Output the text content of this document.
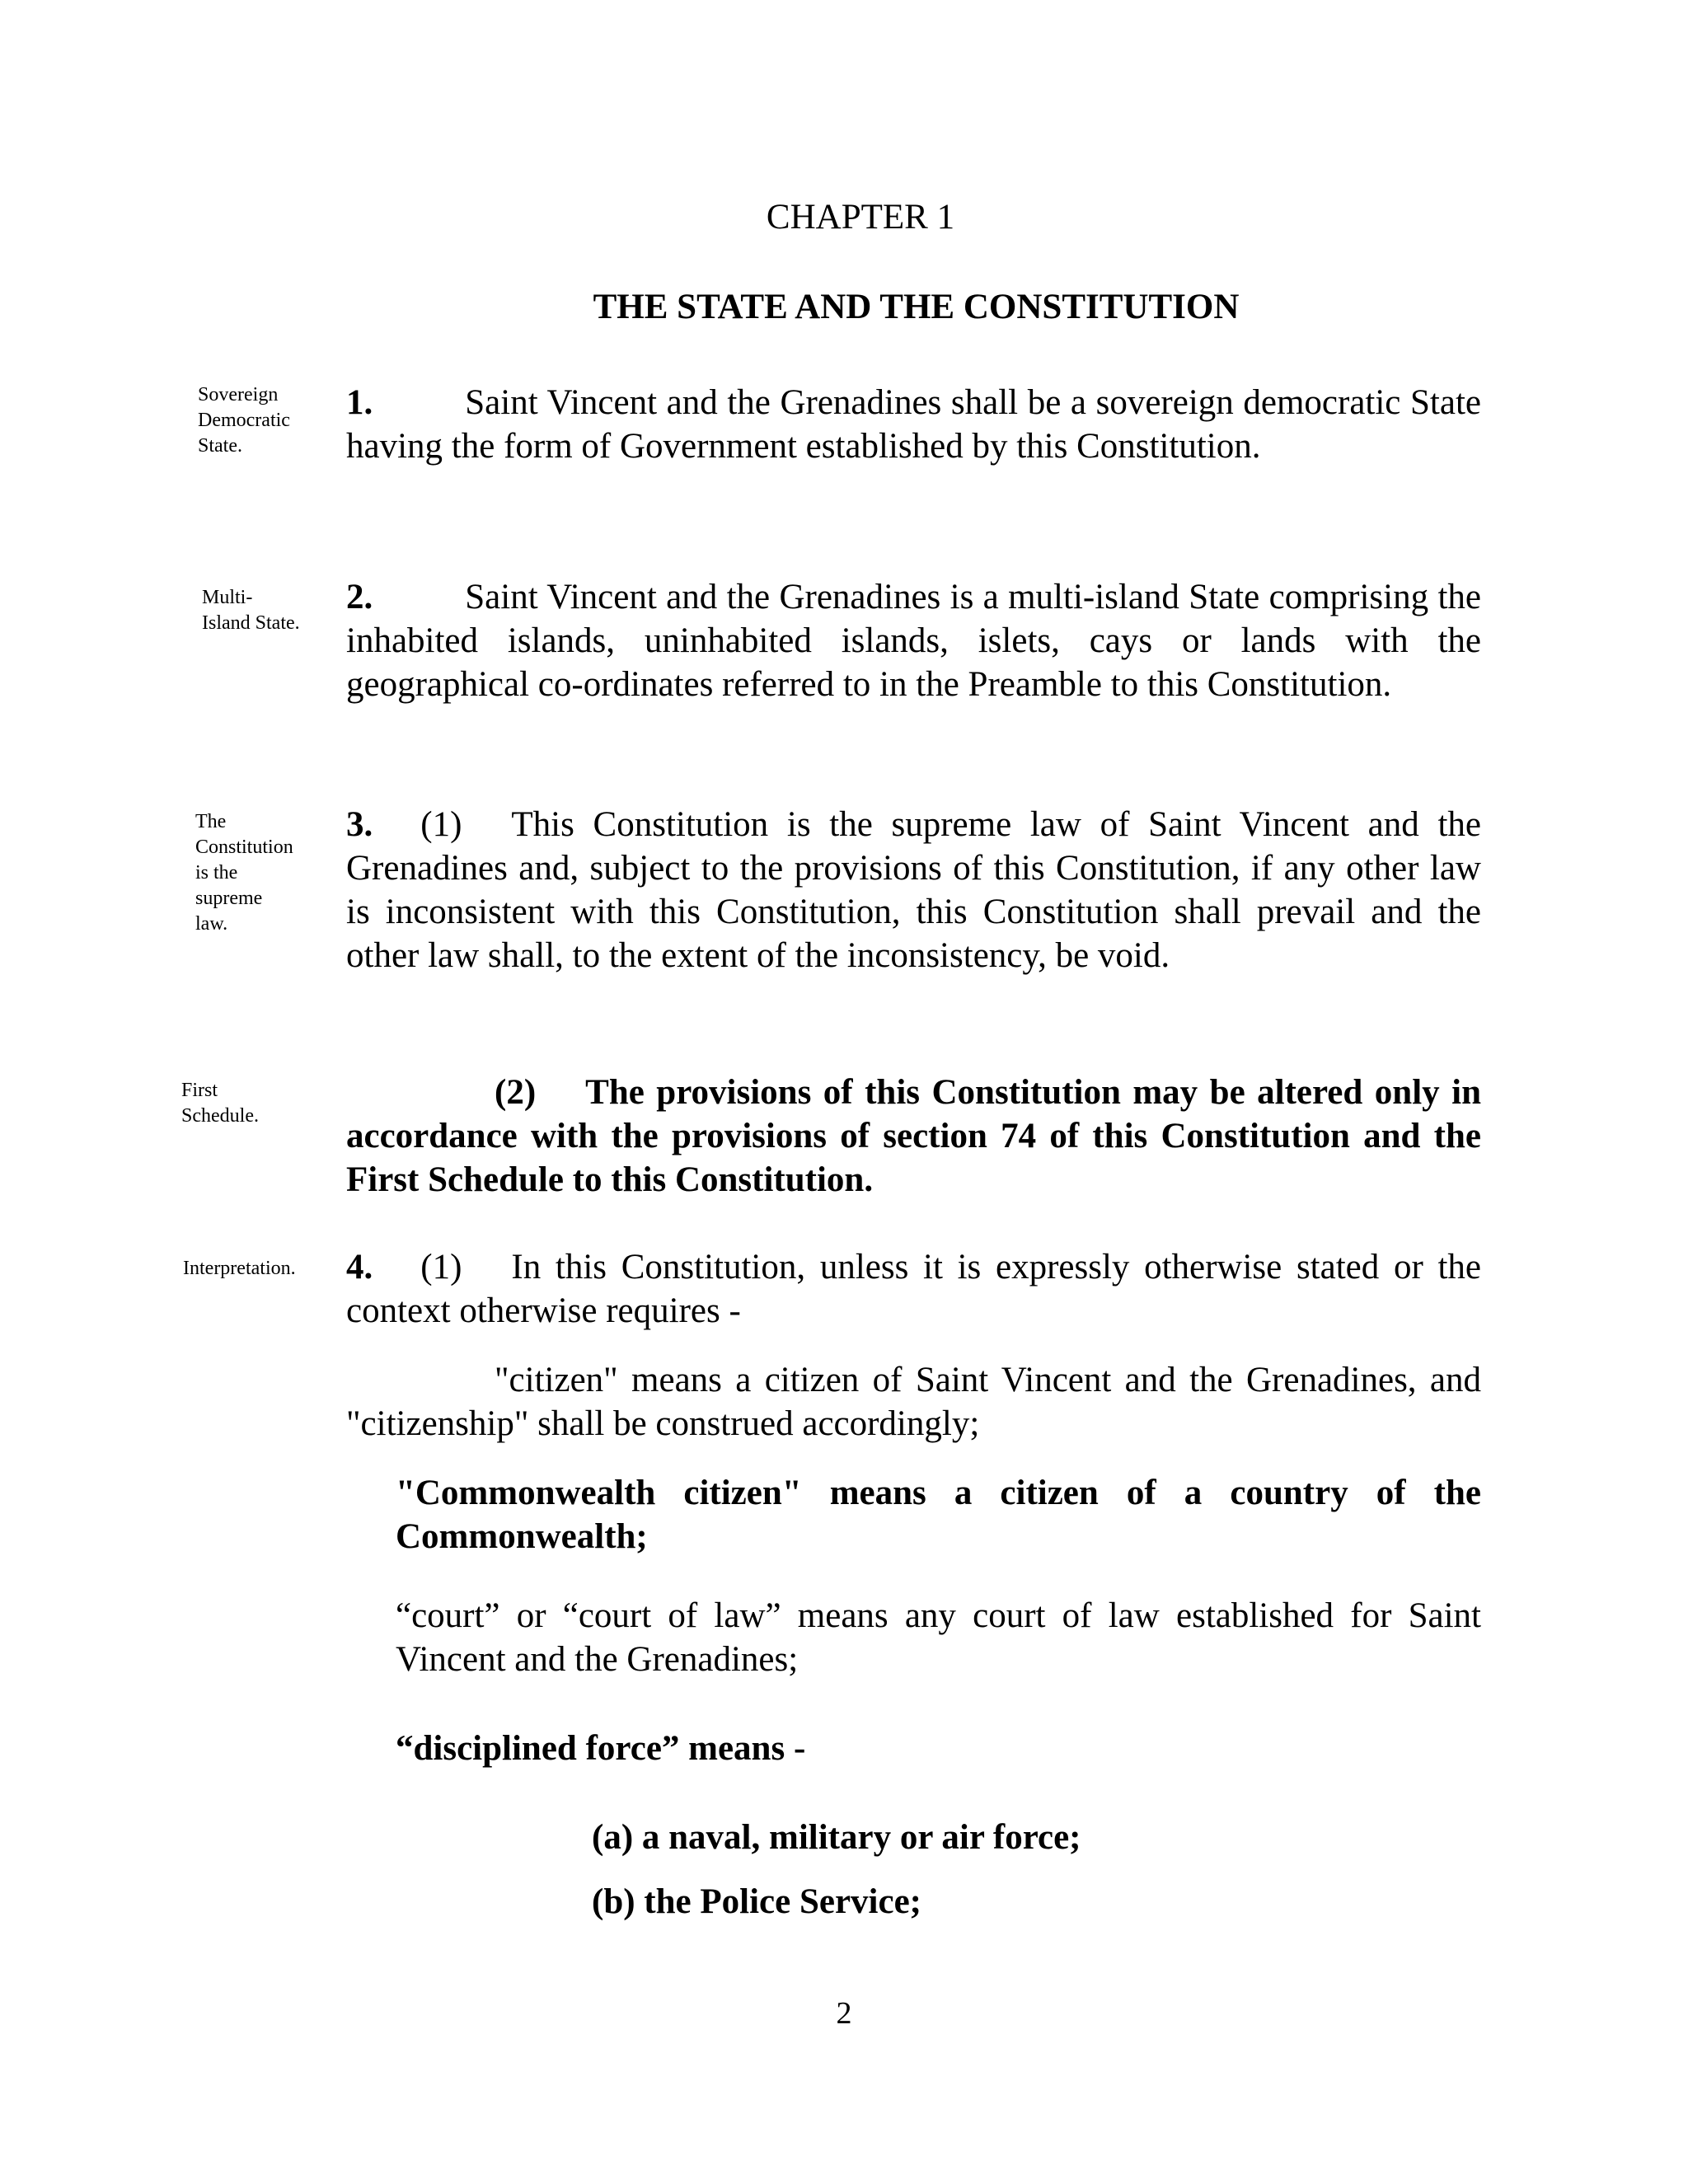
CHAPTER 1
THE STATE AND THE CONSTITUTION
Sovereign
Democratic
State.
1.	Saint Vincent and the Grenadines shall be a sovereign democratic State having the form of Government established by this Constitution.
Multi-
Island State.
2.	Saint Vincent and the Grenadines is a multi-island State comprising the inhabited islands, uninhabited islands, islets, cays or lands with the geographical co-ordinates referred to in the Preamble to this Constitution.
The
Constitution
is the
supreme
law.
3. (1) This Constitution is the supreme law of Saint Vincent and the Grenadines and, subject to the provisions of this Constitution, if any other law is inconsistent with this Constitution, this Constitution shall prevail and the other law shall, to the extent of the inconsistency, be void.
First
Schedule.
(2) The provisions of this Constitution may be altered only in accordance with the provisions of section 74 of this Constitution and the First Schedule to this Constitution.
Interpretation. 4. (1) In this Constitution, unless it is expressly otherwise stated or the context otherwise requires -
"citizen" means a citizen of Saint Vincent and the Grenadines, and "citizenship" shall be construed accordingly;
"Commonwealth citizen" means a citizen of a country of the Commonwealth;
“court” or “court of law” means any court of law established for Saint Vincent and the Grenadines;
“disciplined force” means -
(a) a naval, military or air force;
(b) the Police Service;
2
